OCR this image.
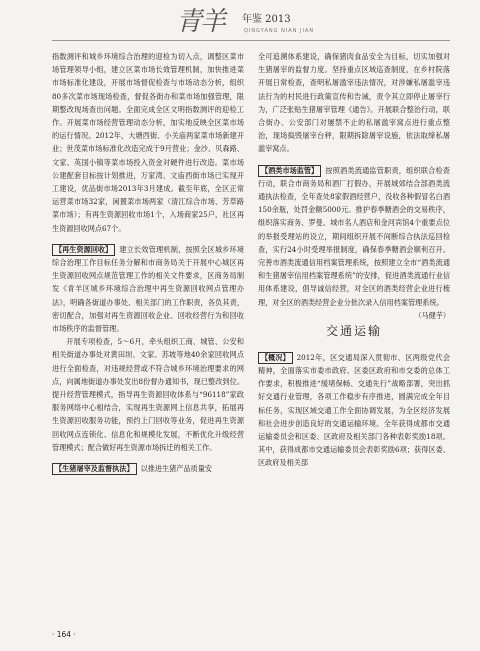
青羊	年鉴 2013
QINGYANG NIAN JIAN

指数测评和城乡环境综合治理的迎检为切入点，调整区菜市场管理领导小组，建立区菜市场长效管理机制，加快推进菜市场标准化建设，开展市场督促检查与市场动态分析，组织80多次菜市场现场检查，督促各街办和菜市场加强管理，限期整改现场查出问题。全面完成全区文明指数测评的迎检工作。开展菜市场经营管理动态分析，加实地反映全区菜市场的运行情况。2012年，大塘西街、小关庙两家菜市场新建开业；世茂菜市场标准化改造完成于9月营业；金沙、贝森路、文家、英国小镇等菜市场投入资金对硬件进行改造。菜市场公建配套目标按计划推进，万家湾、文庙西街市场已实现开工建设，优品街市场2013年3月建成。截至年底，全区正常运营菜市场32家，闲置菜市场两家（清江综合市场、芳草路菜市场）；有再生资源回收市场1个，入场商家25户，社区再生资源回收网点67个。

【再生资源回收】 建立长效管理机制，按照全区城乡环境综合治理工作目标任务分解和市商务局关于开展中心城区再生资源回收网点规范管理工作的相关文件要求，区商务局制发《青羊区城乡环境综合治理中再生资源回收网点管理办法》，明确各街道办事处、相关部门的工作职责，各负其责，密切配合，加强对再生资源回收企业、回收经营行为和回收市场秩序的监督管理。

开展专项检查，5～6月，牵头组织工商、城管、公安和相关街道办事处对黄田坝、文家、苏坡等地40余家回收网点进行全面检查，对违规经营或不符合城乡环境治理要求的网点，向属地街道办事处发出8份督办通知书，现已整改到位。提升经营管理模式，指导再生资源回收体系与“96118”家政服务网络中心相结合，实现再生资源网上信息共享，拓展再生资源回收服务功能，预约上门回收等业务，促进再生资源回收网点连锁化、信息化和规模化发展，不断优化升级经营管理模式；配合做好再生资源市场拆迁的相关工作。

【生猪屠宰及监督执法】 以推进生猪产品质量安

全可追溯体系建设，确保猪肉食品安全为目标，切实加强对生猪屠宰的监督力度。坚持重点区域巡查制度，在乡村院落开展日常检查，查明私屠滥宰违法情况，对涉嫌私屠滥宰违法行为的村民进行政策宣传和告诫，责令其立即停止屠宰行为，广泛张贴生猪屠宰管理《通告》。开展联合整治行动，联合街办、公安部门对屡禁不止的私屠滥宰窝点进行重点整治，现场捣毁屠宰台秤，限期拆除屠宰设施，依法取缔私屠滥宰窝点。

【酒类市场监管】 按照酒类流通监管职责，组织联合检查行动，联合市商务局和酒厂打假办，开展城郊结合部酒类流通执法检查，全年查处8家假酒经营户，没收各种假冒名白酒150余瓶，处罚金额5000元。推护春季糖酒会的交易秩序，组织落实商务、罗曼、城市名人酒店和金河宾馆4个重要点位的举报受理站的设立，期间组织开展不间断综合执法巡回检查，实行24小时受理举报制度，确保春季糖酒会顺利召开。完善市酒类流通信用档案管理系统，按照建立全市“酒类流通和生猪屠宰信用档案管理系统”的安排，促进酒类流通行业信用体系建设，倡导诚信经营，对全区的酒类经营企业进行梳理，对全区的酒类经营企业分批次录入信用档案管理系统。
（马健芋）

交通运输

【概况】 2012年，区交通局深入贯彻市、区两级党代会精神，全面落实市委市政府、区委区政府和市交委的总体工作要求，积极推进“缓堵保畅、交通先行”战略部署，突出抓好交通行业管理，各项工作稳步有序推进，圆满完成全年目标任务，实现区域交通工作全面协调发展，为全区经济发展和社会进步创造良好的交通运输环境。全年获得成都市交通运输委员会和区委、区政府及相关部门各种表彰奖励18项。其中，获得成都市交通运输委员会表彰奖励6项；获得区委、区政府及相关部

· 164 ·
